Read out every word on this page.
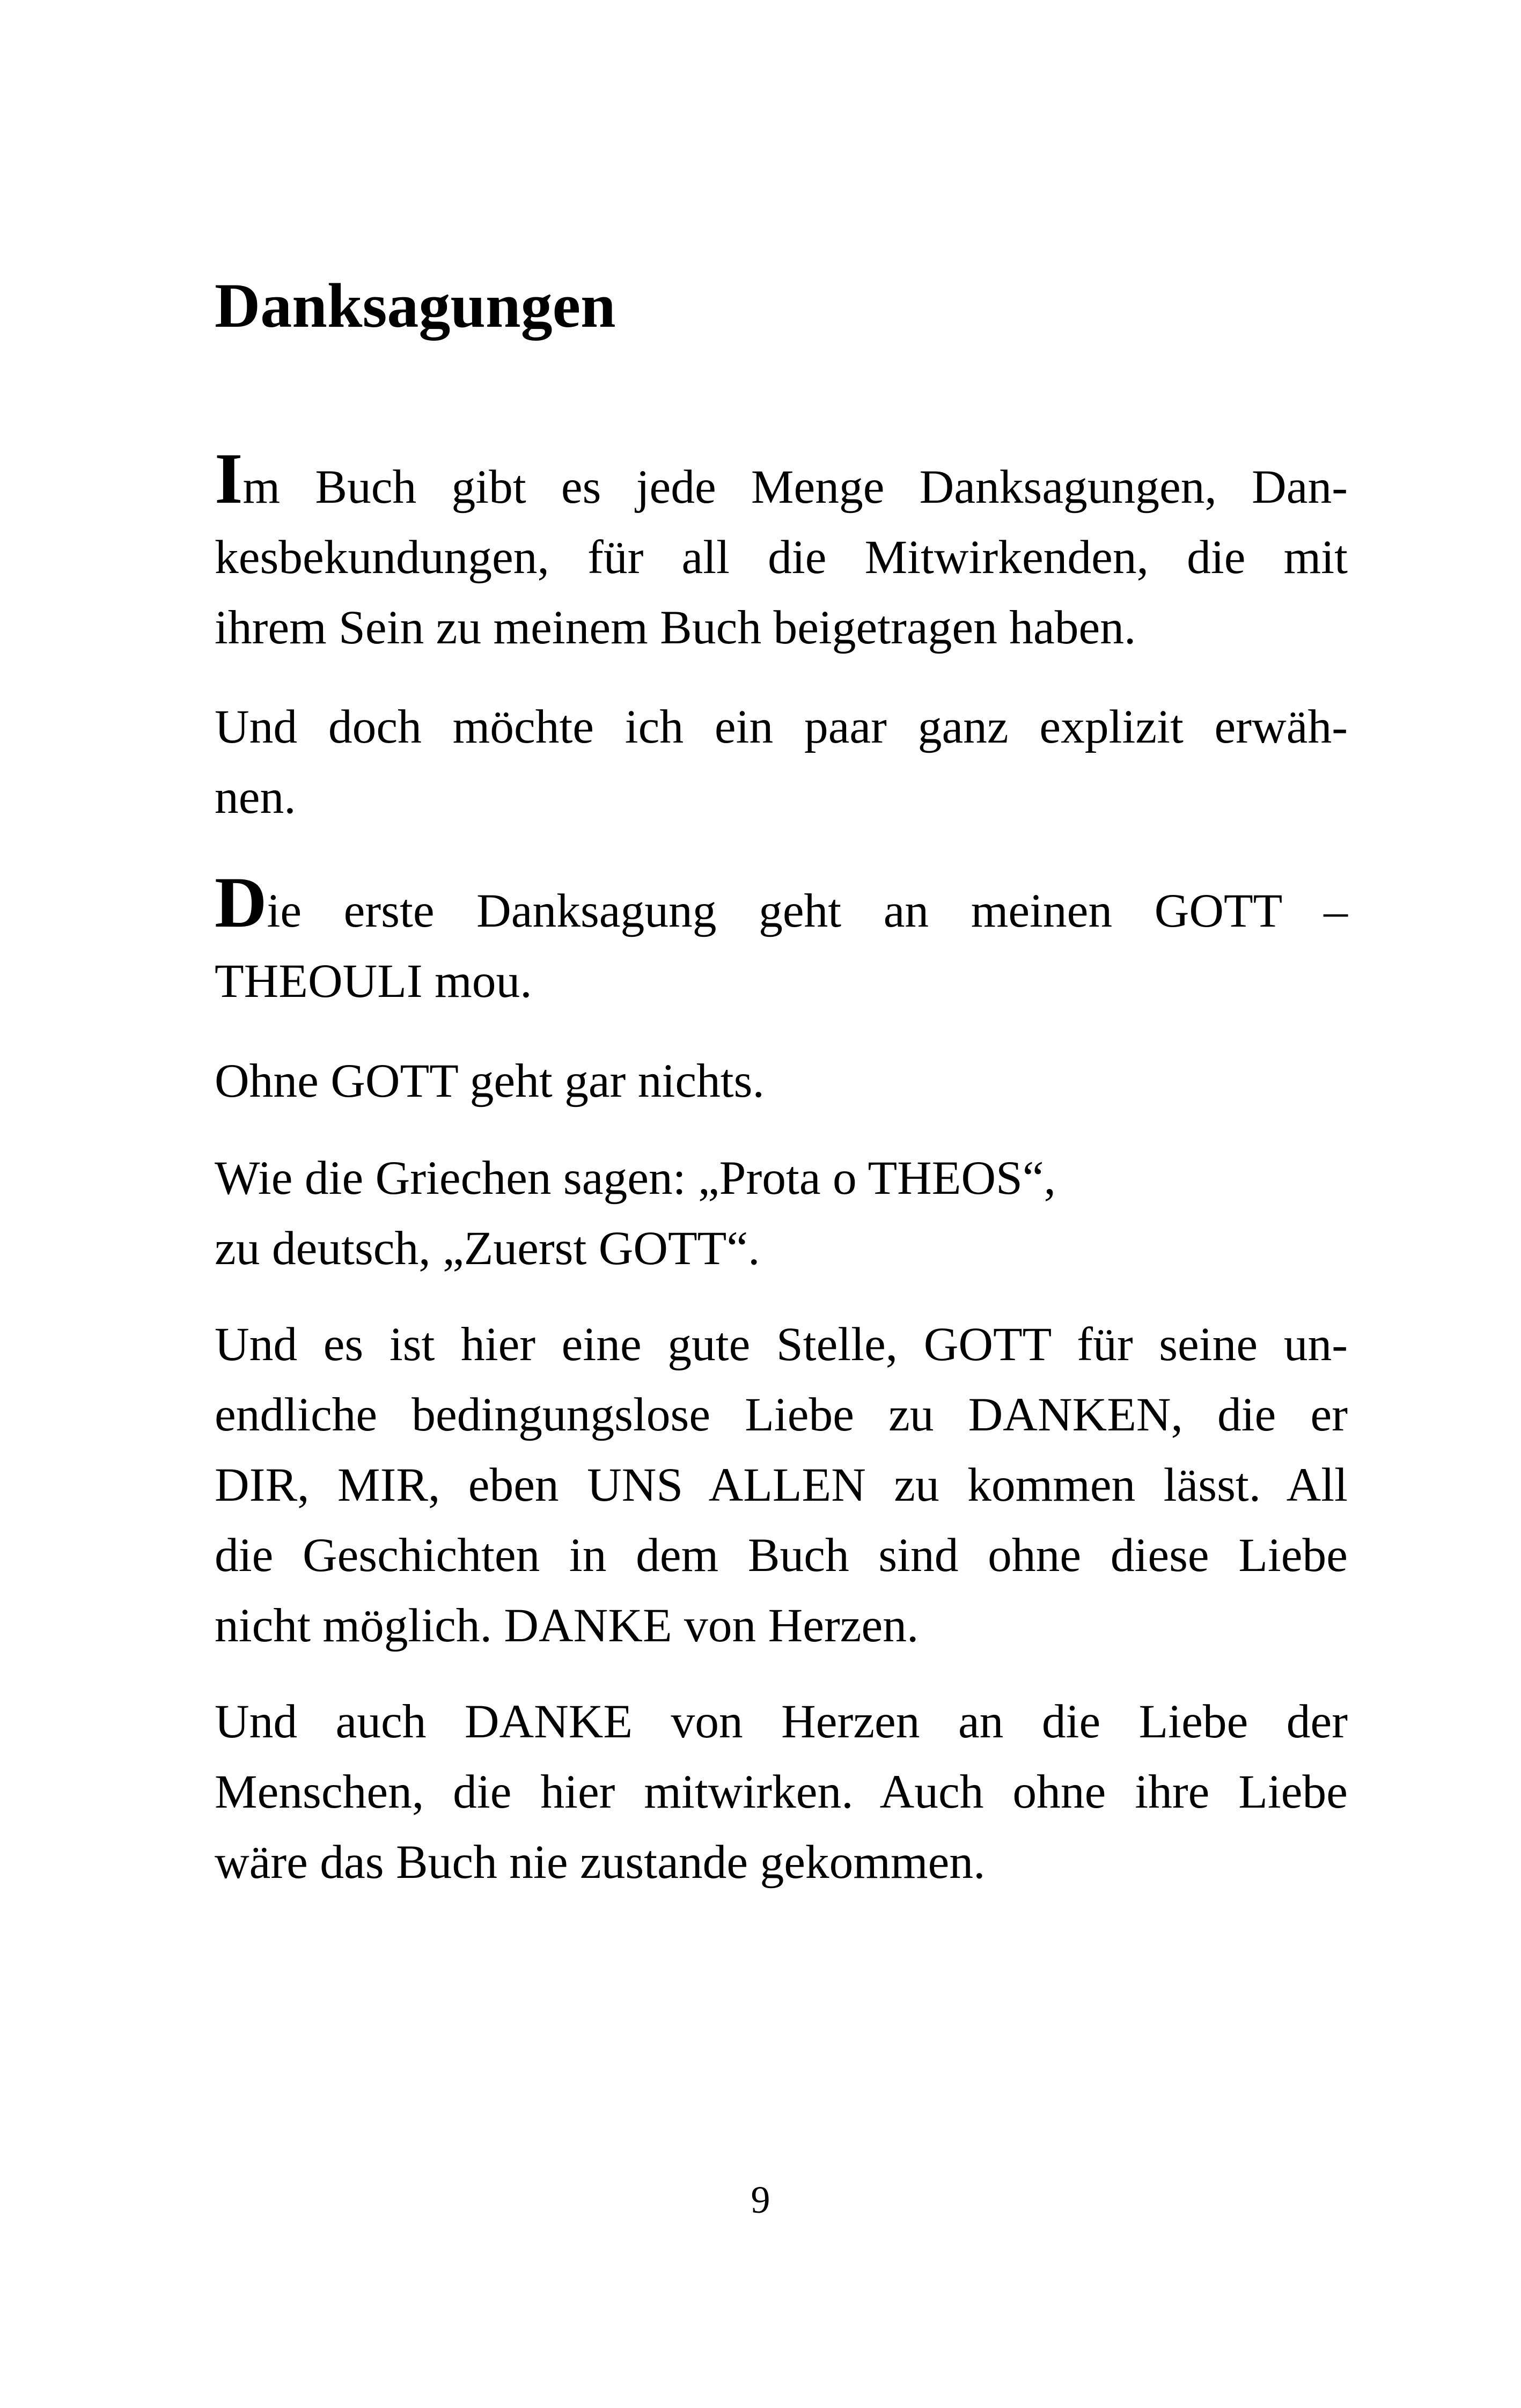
Danksagungen

Im Buch gibt es jede Menge Danksagungen, Dan-
kesbekundungen, für all die Mitwirkenden, die mit
ihrem Sein zu meinem Buch beigetragen haben.

Und doch möchte ich ein paar ganz explizit erwäh-
nen.

Die erste Danksagung geht an meinen GOTT –
THEOULI mou.

Ohne GOTT geht gar nichts.

Wie die Griechen sagen: „Protа o THEOS“,
zu deutsch, „Zuerst GOTT“.

Und es ist hier eine gute Stelle, GOTT für seine un-
endliche bedingungslose Liebe zu DANKEN, die er
DIR, MIR, eben UNS ALLEN zu kommen lässt. All
die Geschichten in dem Buch sind ohne diese Liebe
nicht möglich. DANKE von Herzen.

Und auch DANKE von Herzen an die Liebe der
Menschen, die hier mitwirken. Auch ohne ihre Liebe
wäre das Buch nie zustande gekommen.

9
